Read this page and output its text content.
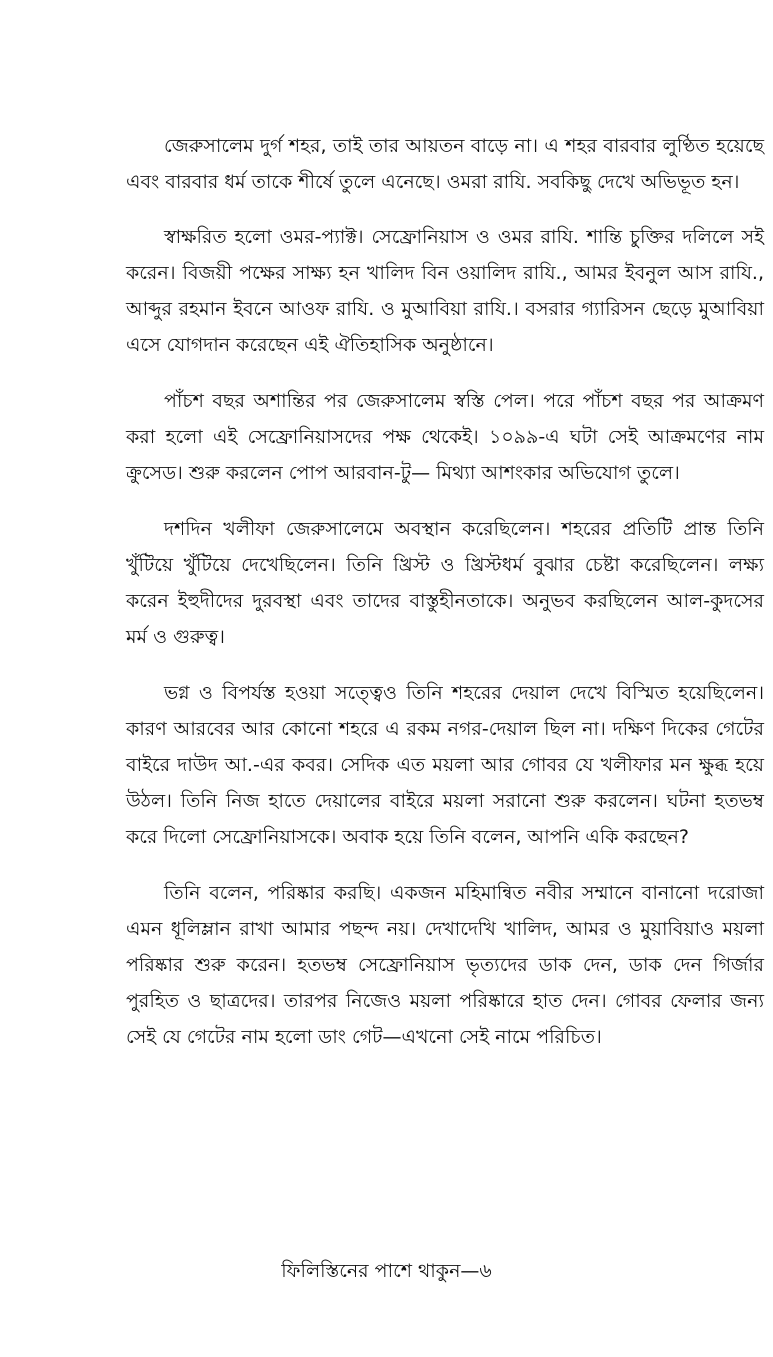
জেরুসালেম দুর্গ শহর, তাই তার আয়তন বাড়ে না। এ শহর বারবার লুণ্ঠিত হয়েছে এবং বারবার ধর্ম তাকে শীর্ষে তুলে এনেছে। ওমরা রাযি. সবকিছু দেখে অভিভূত হন।

স্বাক্ষরিত হলো ওমর-প্যাক্ট। সেফ্রোনিয়াস ও ওমর রাযি. শান্তি চুক্তির দলিলে সই করেন। বিজয়ী পক্ষের সাক্ষ্য হন খালিদ বিন ওয়ালিদ রাযি., আমর ইবনুল আস রাযি., আব্দুর রহমান ইবনে আওফ রাযি. ও মুআবিয়া রাযি.। বসরার গ্যারিসন ছেড়ে মুআবিয়া এসে যোগদান করেছেন এই ঐতিহাসিক অনুষ্ঠানে।

পাঁচশ বছর অশান্তির পর জেরুসালেম স্বস্তি পেল। পরে পাঁচশ বছর পর আক্রমণ করা হলো এই সেফ্রোনিয়াসদের পক্ষ থেকেই। ১০৯৯-এ ঘটা সেই আক্রমণের নাম ক্রুসেড। শুরু করলেন পোপ আরবান-টু— মিথ্যা আশংকার অভিযোগ তুলে।

দশদিন খলীফা জেরুসালেমে অবস্থান করেছিলেন। শহরের প্রতিটি প্রান্ত তিনি খুঁটিয়ে খুঁটিয়ে দেখেছিলেন। তিনি খ্রিস্ট ও খ্রিস্টধর্ম বুঝার চেষ্টা করেছিলেন। লক্ষ্য করেন ইহুদীদের দুরবস্থা এবং তাদের বাস্তুহীনতাকে। অনুভব করছিলেন আল-কুদসের মর্ম ও গুরুত্ব।

ভগ্ন ও বিপর্যস্ত হওয়া সত্ত্বেও তিনি শহরের দেয়াল দেখে বিস্মিত হয়েছিলেন। কারণ আরবের আর কোনো শহরে এ রকম নগর-দেয়াল ছিল না। দক্ষিণ দিকের গেটের বাইরে দাউদ আ.-এর কবর। সেদিক এত ময়লা আর গোবর যে খলীফার মন ক্ষুব্ধ হয়ে উঠল। তিনি নিজ হাতে দেয়ালের বাইরে ময়লা সরানো শুরু করলেন। ঘটনা হতভম্ব করে দিলো সেফ্রোনিয়াসকে। অবাক হয়ে তিনি বলেন, আপনি একি করছেন?

তিনি বলেন, পরিষ্কার করছি। একজন মহিমান্বিত নবীর সম্মানে বানানো দরোজা এমন ধূলিম্লান রাখা আমার পছন্দ নয়। দেখাদেখি খালিদ, আমর ও মুয়াবিয়াও ময়লা পরিষ্কার শুরু করেন। হতভম্ব সেফ্রোনিয়াস ভৃত্যদের ডাক দেন, ডাক দেন গির্জার পুরহিত ও ছাত্রদের। তারপর নিজেও ময়লা পরিষ্কারে হাত দেন। গোবর ফেলার জন্য সেই যে গেটের নাম হলো ডাং গেট—এখনো সেই নামে পরিচিত।

ফিলিস্তিনের পাশে থাকুন—৬
